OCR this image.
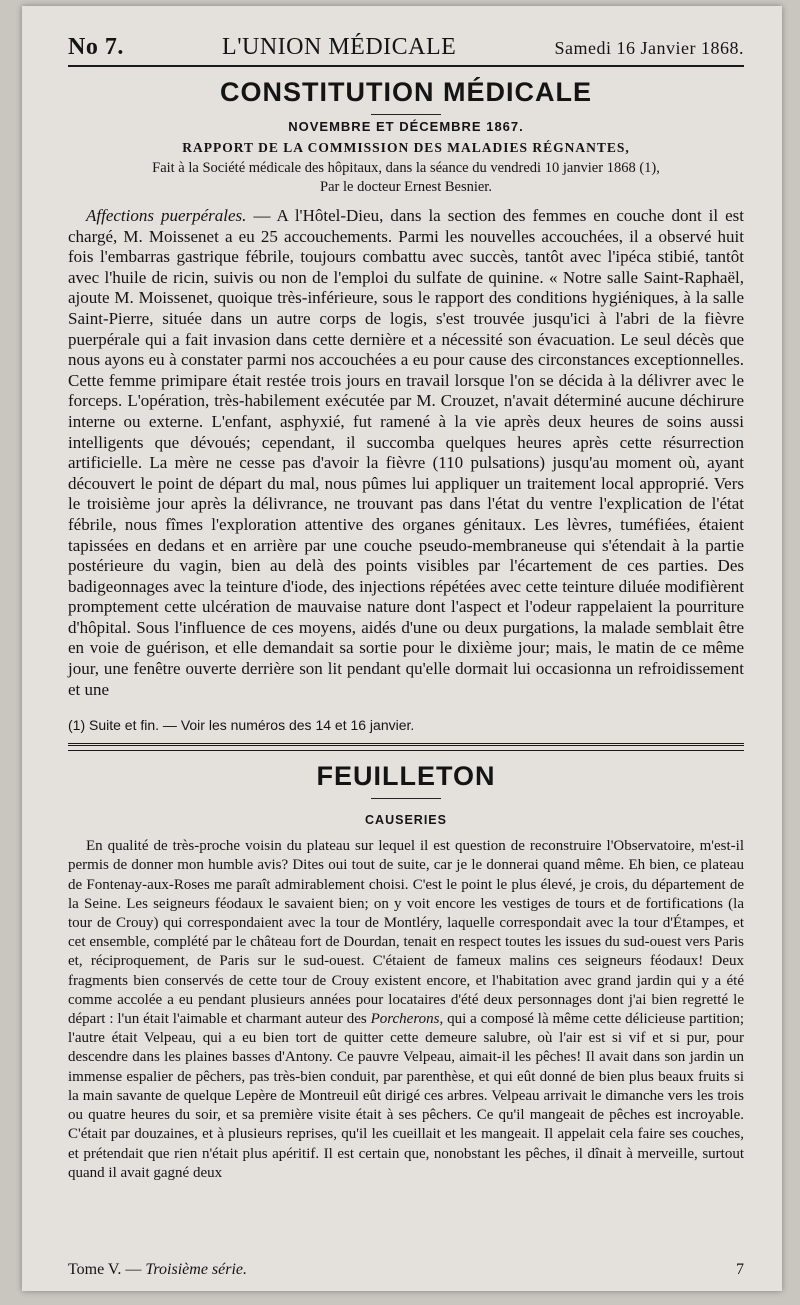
No 7.	L'UNION MÉDICALE	Samedi 16 Janvier 1868.
CONSTITUTION MÉDICALE
NOVEMBRE ET DÉCEMBRE 1867.
RAPPORT DE LA COMMISSION DES MALADIES RÉGNANTES,
Fait à la Société médicale des hôpitaux, dans la séance du vendredi 10 janvier 1868 (1),
Par le docteur Ernest Besnier.

Affections puerpérales. — A l'Hôtel-Dieu, dans la section des femmes en couche dont il est chargé, M. Moissenet a eu 25 accouchements. Parmi les nouvelles accouchées, il a observé huit fois l'embarras gastrique fébrile, toujours combattu avec succès, tantôt avec l'ipéca stibié, tantôt avec l'huile de ricin, suivis ou non de l'emploi du sulfate de quinine. « Notre salle Saint-Raphaël, ajoute M. Moissenet, quoique très-inférieure, sous le rapport des conditions hygiéniques, à la salle Saint-Pierre, située dans un autre corps de logis, s'est trouvée jusqu'ici à l'abri de la fièvre puerpérale qui a fait invasion dans cette dernière et a nécessité son évacuation. Le seul décès que nous ayons eu à constater parmi nos accouchées a eu pour cause des circonstances exceptionnelles. Cette femme primipare était restée trois jours en travail lorsque l'on se décida à la délivrer avec le forceps. L'opération, très-habilement exécutée par M. Crouzet, n'avait déterminé aucune déchirure interne ou externe. L'enfant, asphyxié, fut ramené à la vie après deux heures de soins aussi intelligents que dévoués; cependant, il succomba quelques heures après cette résurrection artificielle. La mère ne cesse pas d'avoir la fièvre (110 pulsations) jusqu'au moment où, ayant découvert le point de départ du mal, nous pûmes lui appliquer un traitement local approprié. Vers le troisième jour après la délivrance, ne trouvant pas dans l'état du ventre l'explication de l'état fébrile, nous fîmes l'exploration attentive des organes génitaux. Les lèvres, tuméfiées, étaient tapissées en dedans et en arrière par une couche pseudo-membraneuse qui s'étendait à la partie postérieure du vagin, bien au delà des points visibles par l'écartement de ces parties. Des badigeonnages avec la teinture d'iode, des injections répétées avec cette teinture diluée modifièrent promptement cette ulcération de mauvaise nature dont l'aspect et l'odeur rappelaient la pourriture d'hôpital. Sous l'influence de ces moyens, aidés d'une ou deux purgations, la malade semblait être en voie de guérison, et elle demandait sa sortie pour le dixième jour; mais, le matin de ce même jour, une fenêtre ouverte derrière son lit pendant qu'elle dormait lui occasionna un refroidissement et une

(1) Suite et fin. — Voir les numéros des 14 et 16 janvier.
FEUILLETON
CAUSERIES

En qualité de très-proche voisin du plateau sur lequel il est question de reconstruire l'Observatoire, m'est-il permis de donner mon humble avis? Dites oui tout de suite, car je le donnerai quand même. Eh bien, ce plateau de Fontenay-aux-Roses me paraît admirablement choisi. C'est le point le plus élevé, je crois, du département de la Seine. Les seigneurs féodaux le savaient bien; on y voit encore les vestiges de tours et de fortifications (la tour de Crouy) qui correspondaient avec la tour de Montléry, laquelle correspondait avec la tour d'Étampes, et cet ensemble, complété par le château fort de Dourdan, tenait en respect toutes les issues du sud-ouest vers Paris et, réciproquement, de Paris sur le sud-ouest. C'étaient de fameux malins ces seigneurs féodaux! Deux fragments bien conservés de cette tour de Crouy existent encore, et l'habitation avec grand jardin qui y a été comme accolée a eu pendant plusieurs années pour locataires d'été deux personnages dont j'ai bien regretté le départ : l'un était l'aimable et charmant auteur des Porcherons, qui a composé là même cette délicieuse partition; l'autre était Velpeau, qui a eu bien tort de quitter cette demeure salubre, où l'air est si vif et si pur, pour descendre dans les plaines basses d'Antony. Ce pauvre Velpeau, aimait-il les pêches! Il avait dans son jardin un immense espalier de pêchers, pas très-bien conduit, par parenthèse, et qui eût donné de bien plus beaux fruits si la main savante de quelque Lepère de Montreuil eût dirigé ces arbres. Velpeau arrivait le dimanche vers les trois ou quatre heures du soir, et sa première visite était à ses pêchers. Ce qu'il mangeait de pêches est incroyable. C'était par douzaines, et à plusieurs reprises, qu'il les cueillait et les mangeait. Il appelait cela faire ses couches, et prétendait que rien n'était plus apéritif. Il est certain que, nonobstant les pêches, il dînait à merveille, surtout quand il avait gagné deux

Tome V. — Troisième série.	7
